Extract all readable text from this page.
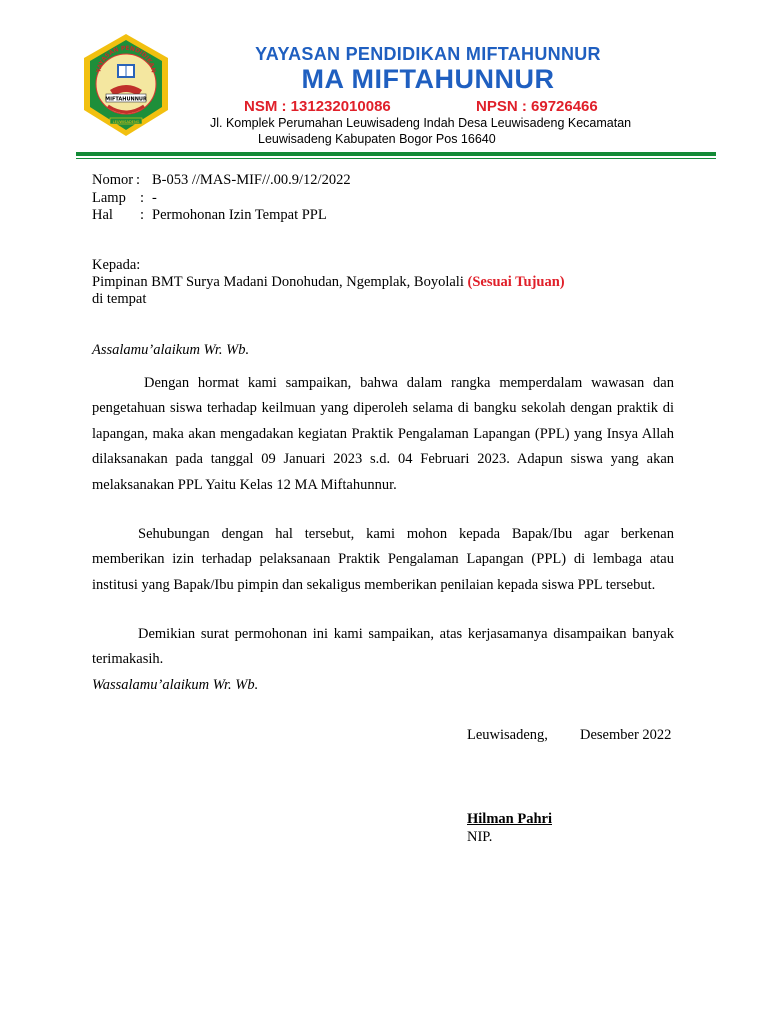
YAYASAN PENDIDIKAN
MIFTAHUNNUR
LEUWISADENG
YAYASAN PENDIDIKAN MIFTAHUNNUR
MA MIFTAHUNNUR
NSM : 131232010086	NPSN : 69726466
Jl. Komplek Perumahan Leuwisadeng Indah Desa Leuwisadeng Kecamatan
Leuwisadeng Kabupaten Bogor Pos 16640
Nomor : B-053 //MAS-MIF//.00.9/12/2022
Lamp : -
Hal : Permohonan Izin Tempat PPL
Kepada:
Pimpinan BMT Surya Madani Donohudan, Ngemplak, Boyolali (Sesuai Tujuan)
di tempat
Assalamu’alaikum Wr. Wb.
Dengan hormat kami sampaikan, bahwa dalam rangka memperdalam wawasan dan pengetahuan siswa terhadap keilmuan yang diperoleh selama di bangku sekolah dengan praktik di lapangan, maka akan mengadakan kegiatan Praktik Pengalaman Lapangan (PPL) yang Insya Allah dilaksanakan pada tanggal 09 Januari 2023 s.d. 04 Februari 2023. Adapun siswa yang akan melaksanakan PPL Yaitu Kelas 12 MA Miftahunnur.
Sehubungan dengan hal tersebut, kami mohon kepada Bapak/Ibu agar berkenan memberikan izin terhadap pelaksanaan Praktik Pengalaman Lapangan (PPL) di lembaga atau institusi yang Bapak/Ibu pimpin dan sekaligus memberikan penilaian kepada siswa PPL tersebut.
Demikian surat permohonan ini kami sampaikan, atas kerjasamanya disampaikan banyak terimakasih.
Wassalamu’alaikum Wr. Wb.
Leuwisadeng, Desember 2022
Hilman Pahri
NIP.
